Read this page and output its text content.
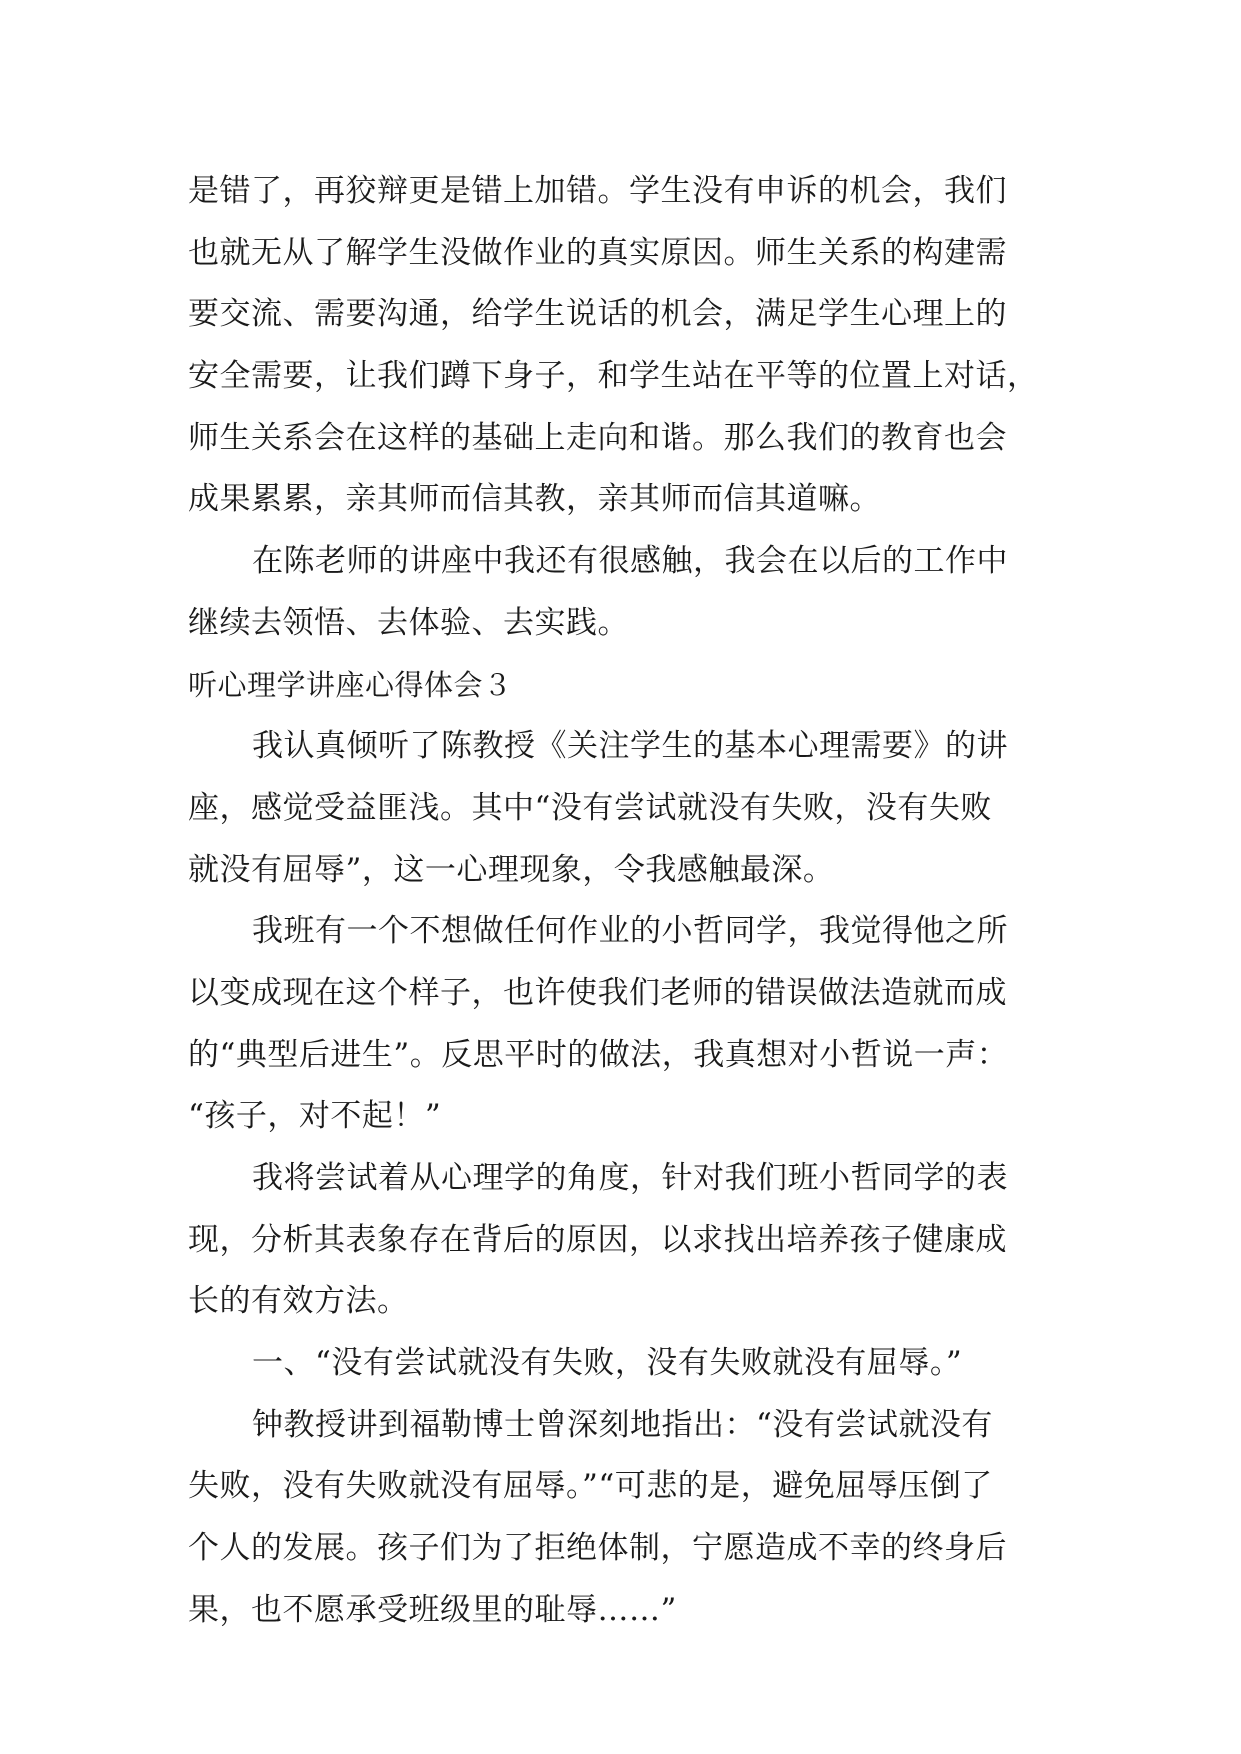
是错了，再狡辩更是错上加错。学生没有申诉的机会，我们
也就无从了解学生没做作业的真实原因。师生关系的构建需
要交流、需要沟通，给学生说话的机会，满足学生心理上的
安全需要，让我们蹲下身子，和学生站在平等的位置上对话，
师生关系会在这样的基础上走向和谐。那么我们的教育也会
成果累累，亲其师而信其教，亲其师而信其道嘛。
在陈老师的讲座中我还有很感触，我会在以后的工作中
继续去领悟、去体验、去实践。
听心理学讲座心得体会３
我认真倾听了陈教授《关注学生的基本心理需要》的讲
座，感觉受益匪浅。其中“没有尝试就没有失败，没有失败
就没有屈辱”，这一心理现象，令我感触最深。
我班有一个不想做任何作业的小哲同学，我觉得他之所
以变成现在这个样子，也许使我们老师的错误做法造就而成
的“典型后进生”。反思平时的做法，我真想对小哲说一声：
“孩子，对不起！”
我将尝试着从心理学的角度，针对我们班小哲同学的表
现，分析其表象存在背后的原因，以求找出培养孩子健康成
长的有效方法。
一、“没有尝试就没有失败，没有失败就没有屈辱。”
钟教授讲到福勒博士曾深刻地指出：“没有尝试就没有
失败，没有失败就没有屈辱。”“可悲的是，避免屈辱压倒了
个人的发展。孩子们为了拒绝体制，宁愿造成不幸的终身后
果，也不愿承受班级里的耻辱……”
